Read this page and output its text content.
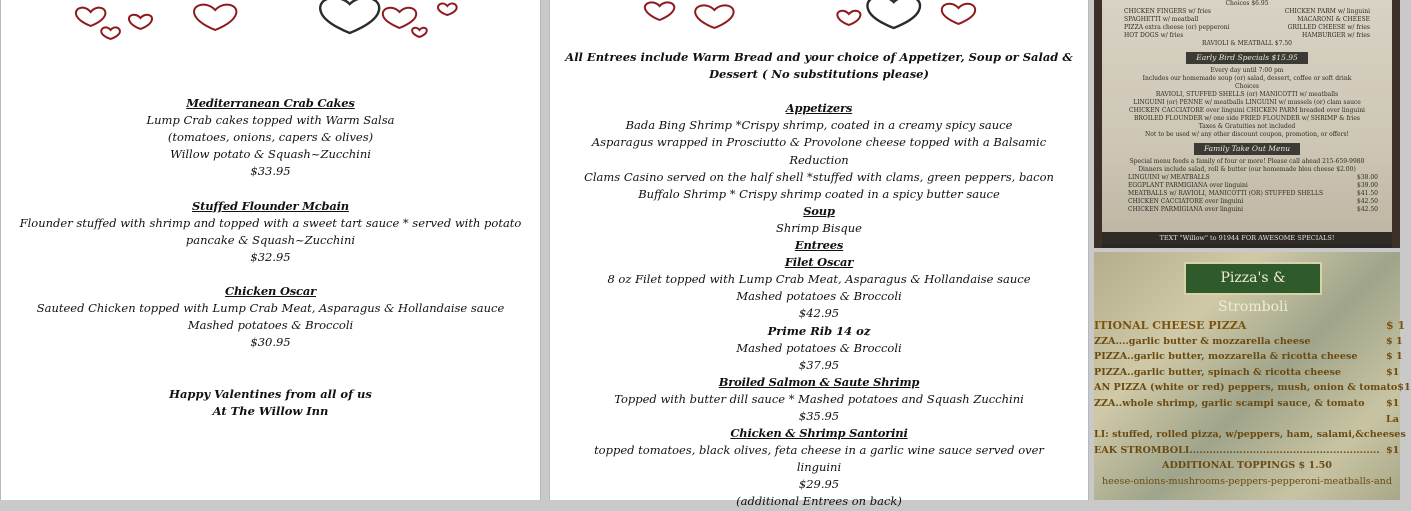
Mediterranean Crab Cakes
Lump Crab cakes topped with Warm Salsa
(tomatoes, onions, capers & olives)
Willow potato & Squash~Zucchini
$33.95
Stuffed Flounder Mcbain
Flounder stuffed with shrimp and topped with a sweet tart sauce * served with potato
pancake & Squash~Zucchini
$32.95
Chicken Oscar
Sauteed Chicken topped with Lump Crab Meat, Asparagus & Hollandaise sauce
Mashed potatoes & Broccoli
$30.95
Happy Valentines from all of us
At The Willow Inn
All Entrees include Warm Bread and your choice of Appetizer, Soup or Salad &
Dessert ( No substitutions please)
Appetizers
Bada Bing Shrimp *Crispy shrimp, coated in a creamy spicy sauce
Asparagus wrapped in Prosciutto & Provolone cheese topped with a Balsamic
Reduction
Clams Casino served on the half shell *stuffed with clams, green peppers, bacon
Buffalo Shrimp * Crispy shrimp coated in a spicy butter sauce
Soup
Shrimp Bisque
Entrees
Filet Oscar
8 oz Filet topped with Lump Crab Meat, Asparagus & Hollandaise sauce
Mashed potatoes & Broccoli
$42.95
Prime Rib 14 oz
Mashed potatoes & Broccoli
$37.95
Broiled Salmon & Saute Shrimp
Topped with butter dill sauce * Mashed potatoes and Squash Zucchini
$35.95
Chicken & Shrimp Santorini
topped tomatoes, black olives, feta cheese in a garlic wine sauce served over
linguini
$29.95
(additional Entrees on back)
Choices $6.95
CHICKEN FINGERS w/ fries	CHICKEN PARM w/ linguini
SPAGHETTI w/ meatball	MACARONI & CHEESE
PIZZA extra cheese (or) pepperoni	GRILLED CHEESE w/ fries
HOT DOGS w/ fries	HAMBURGER w/ fries
RAVIOLI & MEATBALL $7.50
Early Bird Specials $15.95
Every day until 7:00 pm
Includes our homemade soup (or) salad, dessert, coffee or soft drink
Choices
RAVIOLI, STUFFED SHELLS (or) MANICOTTI w/ meatballs
LINGUINI (or) PENNE w/ meatballs LINGUINI w/ mussels (or) clam sauce
CHICKEN CACCIATORE over linguini CHICKEN PARM breaded over linguini
BROILED FLOUNDER w/ one side FRIED FLOUNDER w/ SHRIMP & fries
Taxes & Gratuities not included
Not to be used w/ any other discount coupon, promotion, or offers!
Family Take Out Menu
Special menu feeds a family of four or more! Please call ahead 215-659-9980
Dinners include salad, roll & butter (our homemade bleu cheese $2.00)
LINGUINI w/ MEATBALLS	$38.00
EGGPLANT PARMIGIANA over linguini	$39.00
MEATBALLS w/ RAVIOLI, MANICOTTI (OR) STUFFED SHELLS	$41.50
CHICKEN CACCIATORE over linguini	$42.50
CHICKEN PARMIGIANA over linguini	$42.50
TEXT "Willow" to 91944 FOR AWESOME SPECIALS!
Pizza's & Stromboli
ITIONAL CHEESE PIZZA	$ 1
ZZA....garlic butter & mozzarella cheese	$ 1
PIZZA..garlic butter, mozzarella & ricotta cheese	$ 1
PIZZA..garlic butter, spinach & ricotta cheese	$1
AN PIZZA (white or red) peppers, mush, onion & tomato $1
ZZA..whole shrimp, garlic scampi sauce, & tomato $1
La
LI: stuffed, rolled pizza, w/peppers, ham, salami,&cheeses
EAK STROMBOLI......................................................... $1
ADDITIONAL TOPPINGS $ 1.50
heese-onions-mushrooms-peppers-pepperoni-meatballs-and
